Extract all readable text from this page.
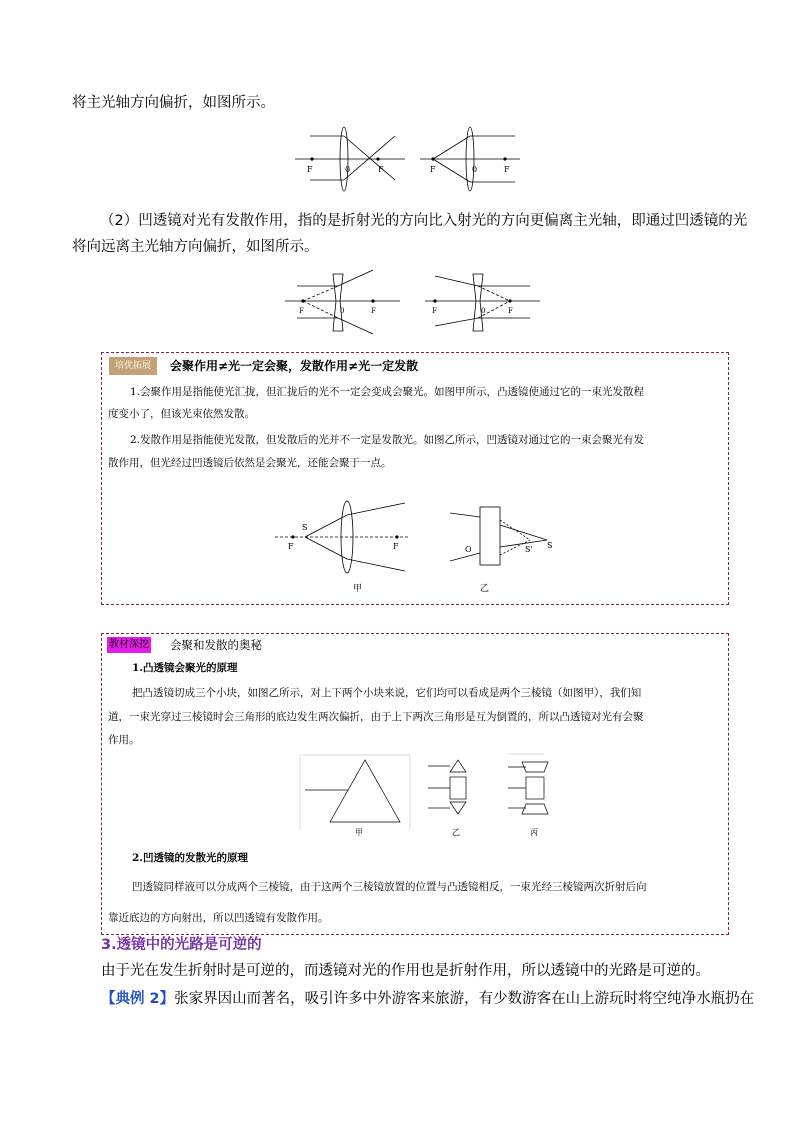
将主光轴方向偏折，如图所示。
F	0	F	F	0	F
（2）凹透镜对光有发散作用，指的是折射光的方向比入射光的方向更偏离主光轴，即通过凹透镜的光
将向远离主光轴方向偏折，如图所示。
F	0	F	F	0	F
培优拓展	会聚作用≠光一定会聚，发散作用≠光一定发散
1.会聚作用是指能使光汇拢，但汇拢后的光不一定会变成会聚光。如图甲所示，凸透镜使通过它的一束光发散程
度变小了，但该光束依然发散。
2.发散作用是指能使光发散，但发散后的光并不一定是发散光。如图乙所示，凹透镜对通过它的一束会聚光有发
散作用，但光经过凹透镜后依然是会聚光，还能会聚于一点。
S
F	F	O	S' S
甲	乙
教材深挖 会聚和发散的奥秘
1.凸透镜会聚光的原理
把凸透镜切成三个小块，如图乙所示，对上下两个小块来说，它们均可以看成是两个三棱镜（如图甲），我们知
道，一束光穿过三棱镜时会三角形的底边发生两次偏折，由于上下两次三角形是互为倒置的，所以凸透镜对光有会聚
作用。
甲	乙	丙
2.凹透镜的发散光的原理
凹透镜同样液可以分成两个三棱镜，由于这两个三棱镜放置的位置与凸透镜相反，一束光经三棱镜两次折射后向
靠近底边的方向射出，所以凹透镜有发散作用。
3.透镜中的光路是可逆的
由于光在发生折射时是可逆的，而透镜对光的作用也是折射作用，所以透镜中的光路是可逆的。
【典例 2】张家界因山而著名，吸引许多中外游客来旅游，有少数游客在山上游玩时将空纯净水瓶扔在
